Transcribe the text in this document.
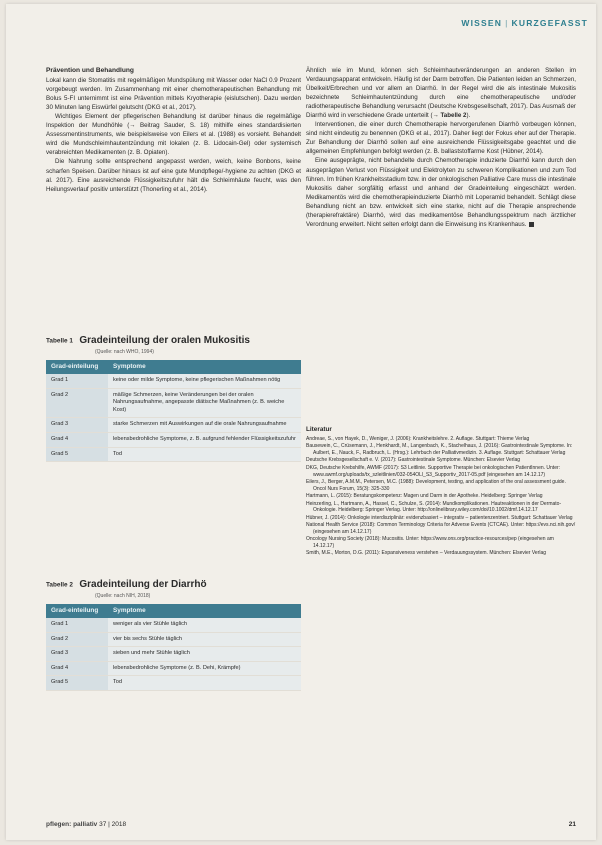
WISSEN | KURZGEFASST
Prävention und Behandlung

Lokal kann die Stomatitis mit regelmäßigen Mundspülung mit Wasser oder NaCl 0.9 Prozent vorgebeugt werden. Im Zusammenhang mit einer chemotherapeutischen Behandlung mit Bolus 5-FI unternimmt ist eine Prävention mittels Kryotherapie (eislutschen). Dazu werden 30 Minuten lang Eiswürfel gelutscht (DKG et al., 2017).

Wichtiges Element der pflegerischen Behandlung ist darüber hinaus die regelmäßige Inspektion der Mundhöhle (→ Beitrag Sauder, S. 18) mithilfe eines standardisierten Assessmentinstruments, wie beispielsweise von Eilers et al. (1988) es vorsieht. Behandelt wird die Mundschleimhautentzündung mit lokalen (z. B. Lidocain-Gel) oder systemisch verabreichten Medikamenten (z. B. Opiaten).

Die Nahrung sollte entsprechend angepasst werden, weich, keine Bonbons, keine scharfen Speisen. Darüber hinaus ist auf eine gute Mundpflege/-hygiene zu achten (DKG et al. 2017). Eine ausreichende Flüssigkeitszufuhr hält die Schleimhäute feucht, was den Heilungsverlauf positiv unterstützt (Thonerling et al., 2014).

Tabelle 1 Gradeinteilung der oralen Mukositis
(Quelle: nach WHO, 1994)
Grad-einteilung	Symptome
Grad 1	keine oder milde Symptome, keine pflegerischen Maßnahmen nötig
Grad 2	mäßige Schmerzen, keine Veränderungen bei der oralen Nahrungsaufnahme, angepasste diätische Maßnahmen (z. B. weiche Kost)
Grad 3	starke Schmerzen mit Auswirkungen auf die orale Nahrungsaufnahme
Grad 4	lebensbedrohliche Symptome, z. B. aufgrund fehlender Flüssigkeitszufuhr
Grad 5	Tod
Tabelle 2 Gradeinteilung der Diarrhö
(Quelle: nach NIH, 2018)
Grad-einteilung	Symptome
Grad 1	weniger als vier Stühle täglich
Grad 2	vier bis sechs Stühle täglich
Grad 3	sieben und mehr Stühle täglich
Grad 4	lebensbedrohliche Symptome (z. B. Dehi, Krämpfe)
Grad 5	Tod

Ähnlich wie im Mund, können sich Schleimhautveränderungen an anderen Stellen im Verdauungsapparat entwickeln. Häufig ist der Darm betroffen. Die Patienten leiden an Schmerzen, Übelkeit/Erbrechen und vor allem an Diarrhö. In der Regel wird die als intestinale Mukositis bezeichnete Schleimhautentzündung durch eine chemotherapeutische und/oder radiotherapeutische Behandlung verursacht (Deutsche Krebsgesellschaft, 2017). Das Ausmaß der Diarrhö wird in verschiedene Grade unterteilt (→ Tabelle 2).

Interventionen, die einer durch Chemotherapie hervorgerufenen Diarrhö vorbeugen können, sind nicht eindeutig zu benennen (DKG et al., 2017). Daher liegt der Fokus eher auf der Therapie. Zur Behandlung der Diarrhö sollen auf eine ausreichende Flüssigkeitsgabe geachtet und die allgemeinen Empfehlungen befolgt werden (z. B. ballaststoffarme Kost (Hübner, 2014).

Eine ausgeprägte, nicht behandelte durch Chemotherapie induzierte Diarrhö kann durch den ausgeprägten Verlust von Flüssigkeit und Elektrolyten zu schweren Komplikationen und zum Tod führen. Im frühen Krankheitsstadium bzw. in der onkologischen Palliative Care muss die intestinale Mukositis daher sorgfältig erfasst und anhand der Gradeinteilung eingeschätzt werden. Medikamentös wird die chemotherapieinduzierte Diarrhö mit Loperamid behandelt. Schlägt diese Behandlung nicht an bzw. entwickelt sich eine starke, nicht auf die Therapie ansprechende (therapierefraktäre) Diarrhö, wird das medikamentöse Behandlungsspektrum nach ärztlicher Verordnung erweitert. Nicht selten erfolgt dann die Einweisung ins Krankenhaus.

Literatur
Andreae, S., von Hayek, D., Weniger, J. (2006): Krankheitslehre. 2. Auflage. Stuttgart: Thieme Verlag
Bausewein, C., Crüsemann, J., Henkhardt, M., Langenbach, K., Stachelhaus, J. (2016): Gastrointestinale Symptome. In: Aulbert, E., Nauck, F., Radbruch, L. (Hrsg.): Lehrbuch der Palliativmedizin. 3. Auflage. Stuttgart: Schattauer Verlag
Deutsche Krebsgesellschaft e. V. (2017): Gastrointestinale Symptome. München: Elsevier Verlag
DKG, Deutsche Krebshilfe, AWMF (2017): S3 Leitlinie. Supportive Therapie bei onkologischen PatientInnen. Unter: www.awmf.org/uploads/tx_szleitlinien/032-054OLl_S3_Supportiv_2017-05.pdf (eingesehen am 14.12.17)
Eilers, J., Berger, A.M.M., Petersen, M.C. (1988): Development, testing, and application of the oral assessment guide. Oncol Nurs Forum, 15(3): 325-330
Hartmann, L. (2015): Beratungskompetenz: Magen und Darm in der Apotheke. Heidelberg: Springer Verlag
Heinzerling, L., Hartmann, A., Hassel, C., Schulze, S. (2014): Mundkomplikationen. Hautreaktionen in der Dermato-Onkologie. Heidelberg: Springer Verlag. Unter: http://onlinelibrary.wiley.com/doi/10.1002/dmf.14.12.17
Hübner, J. (2014): Onkologie interdisziplinär: evidenzbasiert – integrativ – patientenzentriert. Stuttgart: Schattauer Verlag
National Health Service (2018): Common Terminology Criteria for Adverse Events (CTCAE). Unter: https://evs.nci.nih.gov/ (eingesehen am 14.12.17)
Oncology Nursing Society (2018): Mucositis. Unter: https://www.ons.org/practice-resources/pep (eingesehen am 14.12.17)
Smith, M.E., Morton, D.G. (2011): Expansiveness verstehen – Verdauungssystem. München: Elsevier Verlag
pflegen: palliativ 37 | 2018	21
